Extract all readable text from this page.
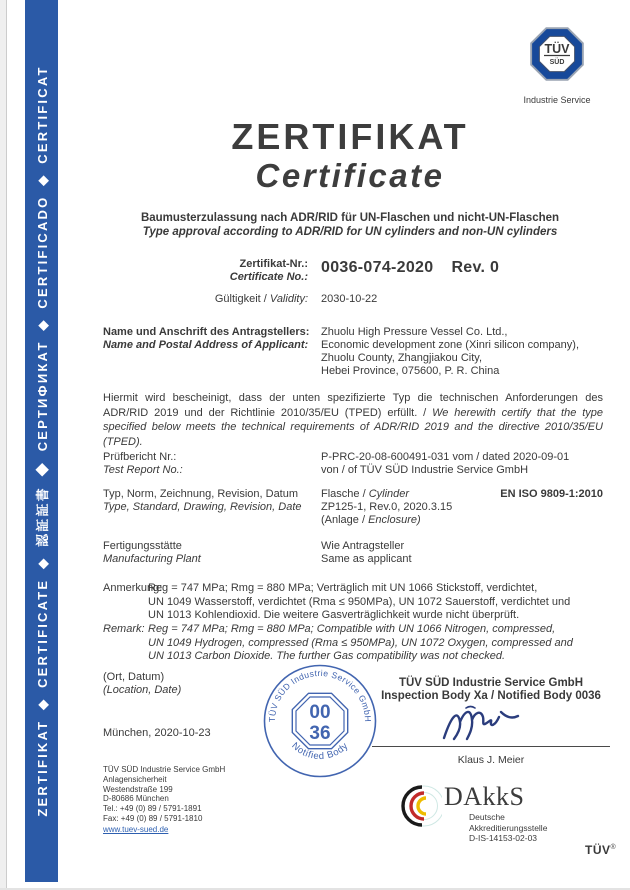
ZERTIFIKAT ◆ CERTIFICATE ◆ 認証証書 ◆ СЕРТИФИКАТ ◆ CERTIFICADO ◆ CERTIFICAT
TÜV
SÜD
Industrie Service
ZERTIFIKAT
Certificate
Baumusterzulassung nach ADR/RID für UN-Flaschen und nicht-UN-Flaschen
Type approval according to ADR/RID for UN cylinders and non-UN cylinders
Zertifikat-Nr.:
Certificate No.:
0036-074-2020 Rev. 0
Gültigkeit / Validity: 2030-10-22
Name und Anschrift des Antragstellers:
Name and Postal Address of Applicant:
Zhuolu High Pressure Vessel Co. Ltd.,
Economic development zone (Xinri silicon company),
Zhuolu County, Zhangjiakou City,
Hebei Province, 075600, P. R. China
Hiermit wird bescheinigt, dass der unten spezifizierte Typ die technischen Anforderungen des ADR/RID 2019 und der Richtlinie 2010/35/EU (TPED) erfüllt. / We herewith certify that the type specified below meets the technical requirements of ADR/RID 2019 and the directive 2010/35/EU (TPED).
Prüfbericht Nr.:
Test Report No.:
P-PRC-20-08-600491-031 vom / dated 2020-09-01
von / of TÜV SÜD Industrie Service GmbH
Typ, Norm, Zeichnung, Revision, Datum
Type, Standard, Drawing, Revision, Date
Flasche / Cylinder	EN ISO 9809-1:2010
ZP125-1, Rev.0, 2020.3.15
(Anlage / Enclosure)
Fertigungsstätte
Manufacturing Plant
Wie Antragsteller
Same as applicant
Anmerkung:
Reg = 747 MPa; Rmg = 880 MPa; Verträglich mit UN 1066 Stickstoff, verdichtet,
UN 1049 Wasserstoff, verdichtet (Rma ≤ 950MPa), UN 1072 Sauerstoff, verdichtet und
UN 1013 Kohlendioxid. Die weitere Gasverträglichkeit wurde nicht überprüft.
Remark: Reg = 747 MPa; Rmg = 880 MPa; Compatible with UN 1066 Nitrogen, compressed,
UN 1049 Hydrogen, compressed (Rma ≤ 950MPa), UN 1072 Oxygen, compressed and
UN 1013 Carbon Dioxide. The further Gas compatibility was not checked.
(Ort, Datum)
(Location, Date)
München, 2020-10-23
TÜV SÜD Industrie Service GmbH
00
36
Notified Body
TÜV SÜD Industrie Service GmbH
Inspection Body Xa / Notified Body 0036
Klaus J. Meier
TÜV SÜD Industrie Service GmbH
Anlagensicherheit
Westendstraße 199
D-80686 München
Tel.: +49 (0) 89 / 5791-1891
Fax: +49 (0) 89 / 5791-1810
www.tuev-sued.de
DAkkS
Deutsche
Akkreditierungsstelle
D-IS-14153-02-03
TÜV®
